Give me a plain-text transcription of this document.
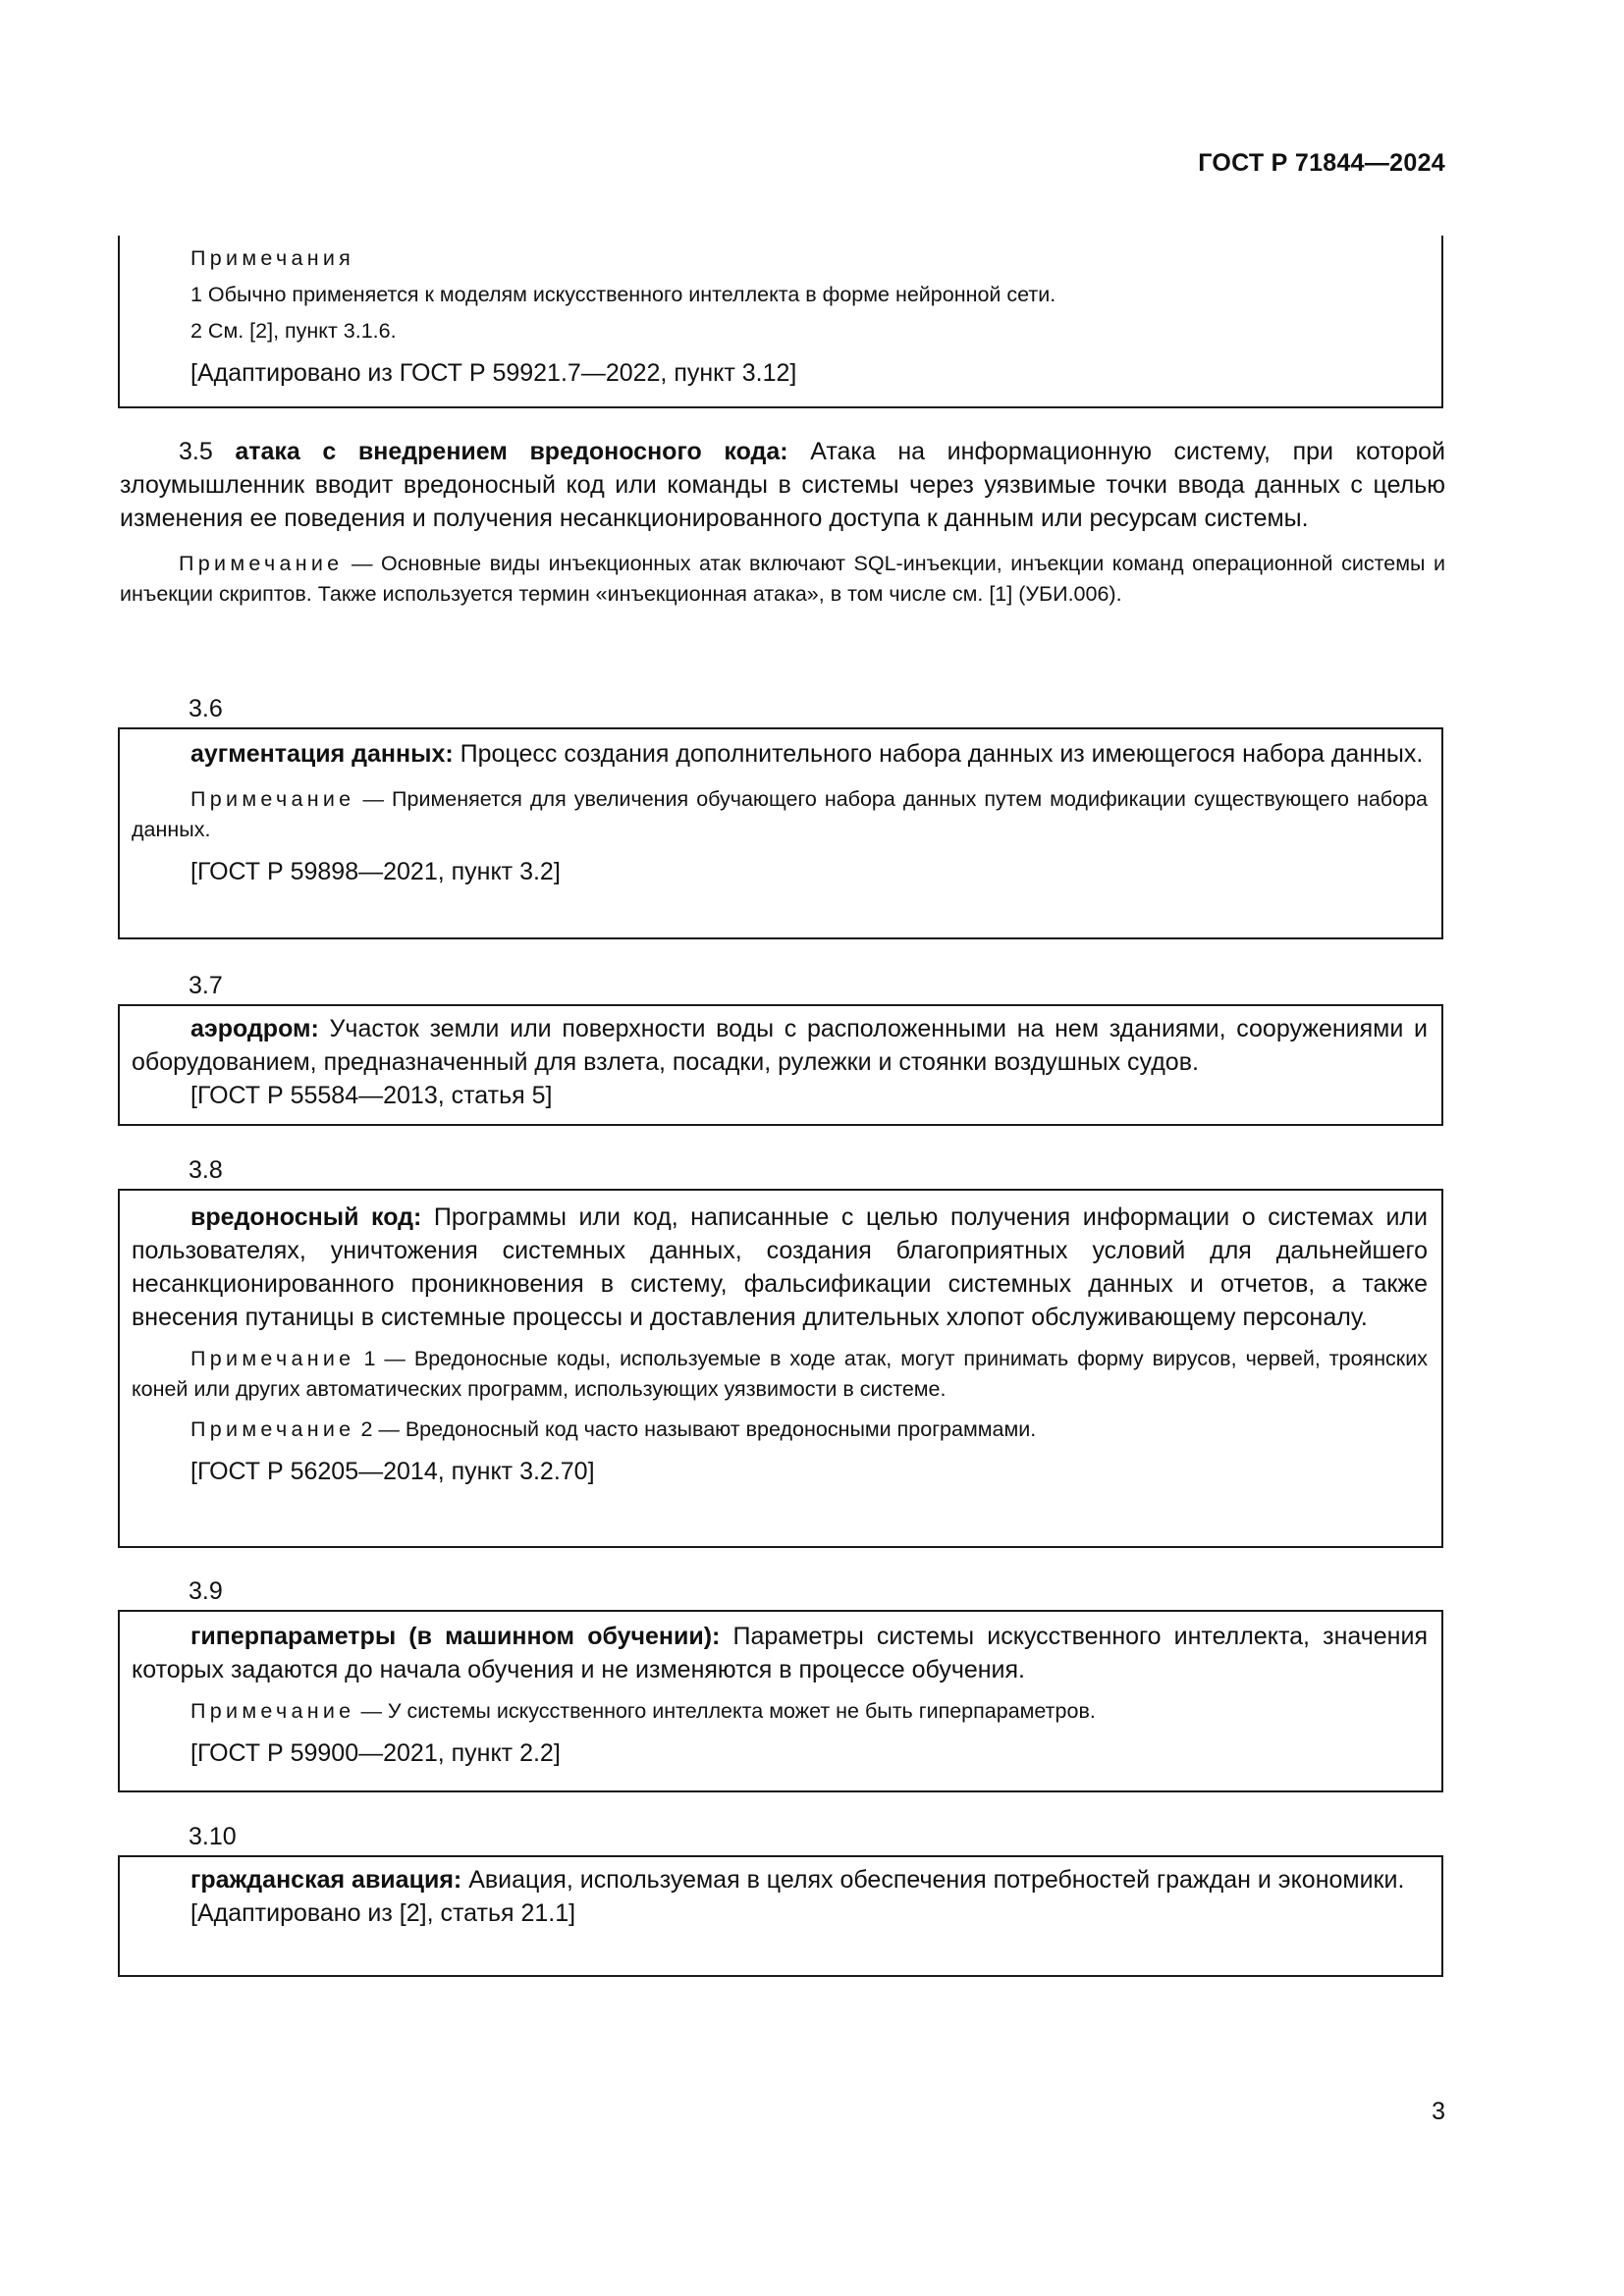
ГОСТ Р 71844—2024

Примечания

1 Обычно применяется к моделям искусственного интеллекта в форме нейронной сети.

2 См. [2], пункт 3.1.6.

[Адаптировано из ГОСТ Р 59921.7—2022, пункт 3.12]

3.5 атака с внедрением вредоносного кода: Атака на информационную систему, при которой злоумышленник вводит вредоносный код или команды в системы через уязвимые точки ввода данных с целью изменения ее поведения и получения несанкционированного доступа к данным или ресурсам системы.

Примечание — Основные виды инъекционных атак включают SQL-инъекции, инъекции команд операционной системы и инъекции скриптов. Также используется термин «инъекционная атака», в том числе см. [1] (УБИ.006).

3.6

аугментация данных: Процесс создания дополнительного набора данных из имеющегося набора данных.

Примечание — Применяется для увеличения обучающего набора данных путем модификации существующего набора данных.

[ГОСТ Р 59898—2021, пункт 3.2]

3.7

аэродром: Участок земли или поверхности воды с расположенными на нем зданиями, сооружениями и оборудованием, предназначенный для взлета, посадки, рулежки и стоянки воздушных судов.

[ГОСТ Р 55584—2013, статья 5]

3.8

вредоносный код: Программы или код, написанные с целью получения информации о системах или пользователях, уничтожения системных данных, создания благоприятных условий для дальнейшего несанкционированного проникновения в систему, фальсификации системных данных и отчетов, а также внесения путаницы в системные процессы и доставления длительных хлопот обслуживающему персоналу.

Примечание 1 — Вредоносные коды, используемые в ходе атак, могут принимать форму вирусов, червей, троянских коней или других автоматических программ, использующих уязвимости в системе.

Примечание 2 — Вредоносный код часто называют вредоносными программами.

[ГОСТ Р 56205—2014, пункт 3.2.70]

3.9

гиперпараметры (в машинном обучении): Параметры системы искусственного интеллекта, значения которых задаются до начала обучения и не изменяются в процессе обучения.

Примечание — У системы искусственного интеллекта может не быть гиперпараметров.

[ГОСТ Р 59900—2021, пункт 2.2]

3.10

гражданская авиация: Авиация, используемая в целях обеспечения потребностей граждан и экономики.

[Адаптировано из [2], статья 21.1]

3
